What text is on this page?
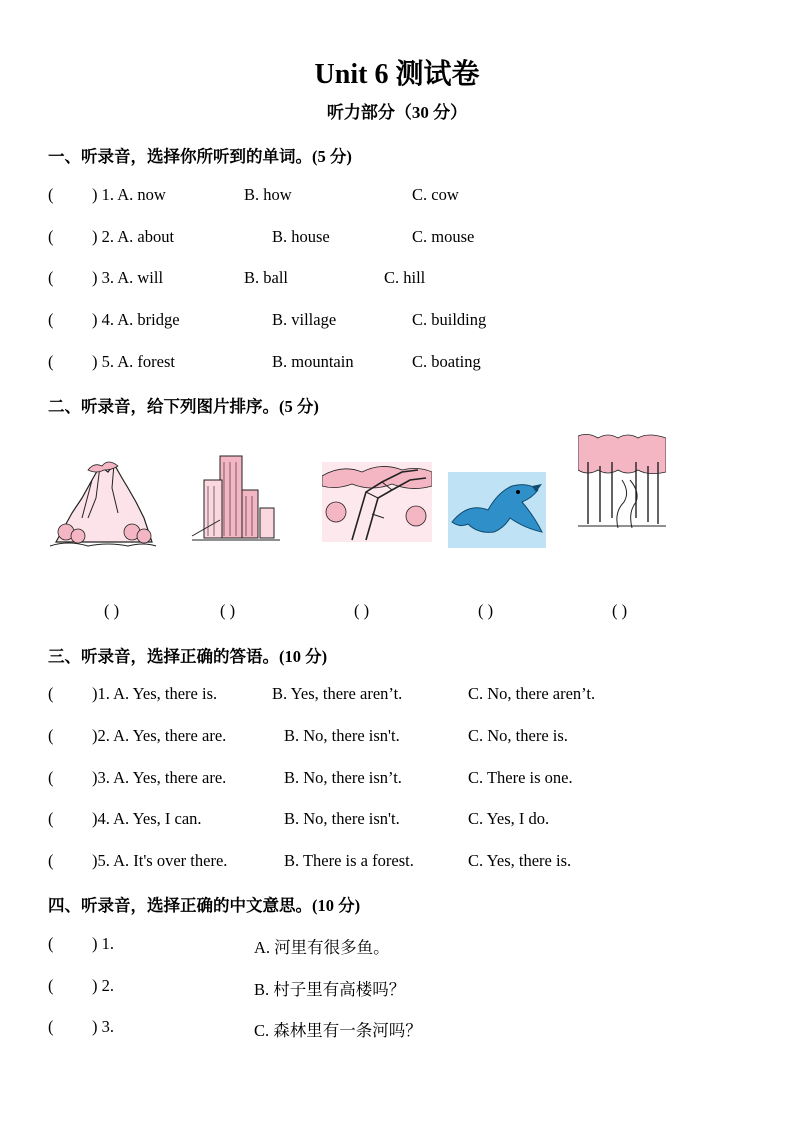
Unit 6 测试卷
听力部分（30 分）
一、听录音，选择你所听到的单词。(5 分)
(	) 1. A. now	B. how	C. cow
(	) 2. A. about	B. house	C. mouse
(	) 3. A. will	B. ball	C. hill
(	) 4. A. bridge	B. village	C. building
(	) 5. A. forest	B. mountain	C. boating
二、听录音，给下列图片排序。(5 分)
( )	( )	( )	( )	( )
三、听录音，选择正确的答语。(10 分)
(	)1. A. Yes, there is.	B. Yes, there aren’t.	C. No, there aren’t.
(	)2. A. Yes, there are.	B. No, there isn't.	C. No, there is.
(	)3. A. Yes, there are.	B. No, there isn’t.	C. There is one.
(	)4. A. Yes, I can.	B. No, there isn't.	C. Yes, I do.
(	)5. A. It's over there.	B. There is a forest.	C. Yes, there is.
四、听录音，选择正确的中文意思。(10 分)
(	) 1.	A. 河里有很多鱼。
(	) 2.	B. 村子里有高楼吗？
(	) 3.	C. 森林里有一条河吗？
